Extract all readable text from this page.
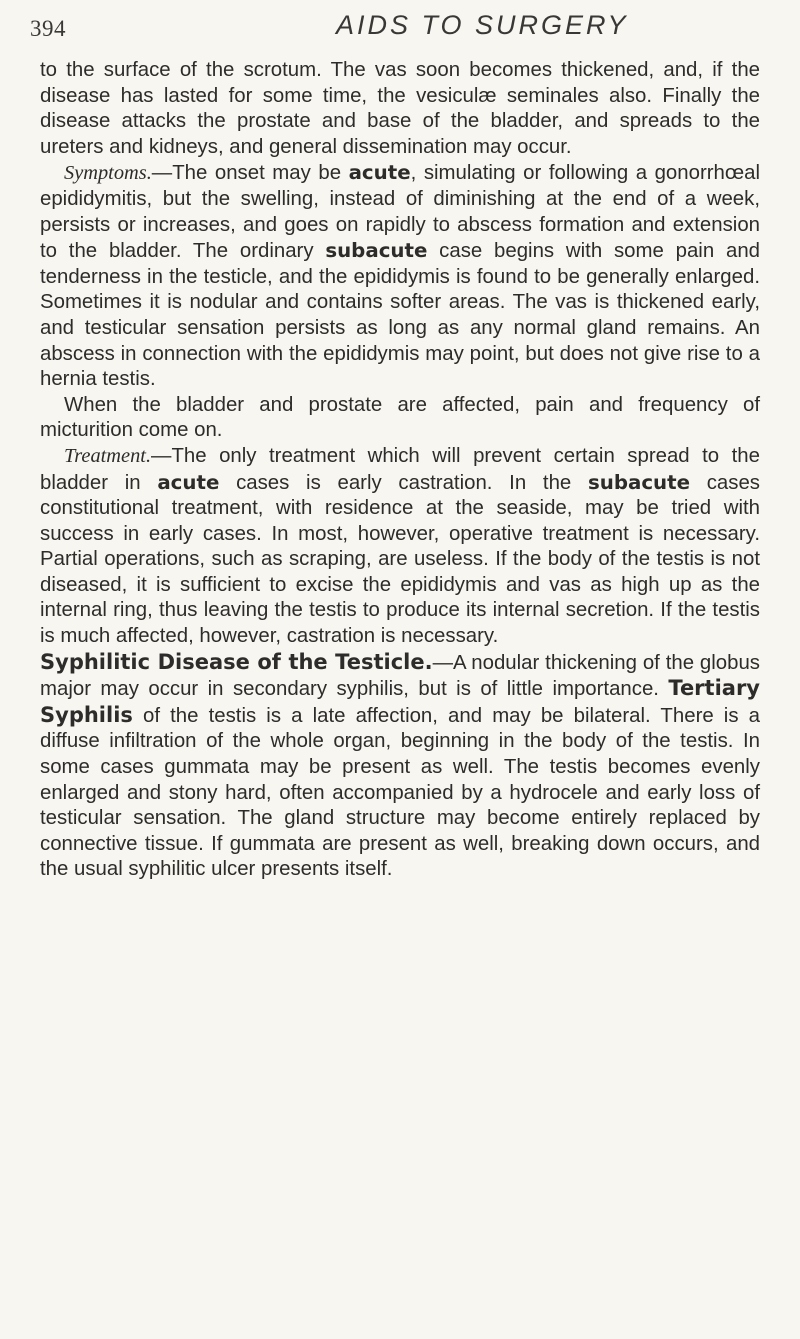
394	AIDS TO SURGERY

to the surface of the scrotum. The vas soon becomes thickened, and, if the disease has lasted for some time, the vesiculæ seminales also. Finally the disease attacks the prostate and base of the bladder, and spreads to the ureters and kidneys, and general dissemination may occur.

Symptoms.—The onset may be acute, simulating or following a gonorrhœal epididymitis, but the swelling, instead of diminishing at the end of a week, persists or increases, and goes on rapidly to abscess formation and extension to the bladder. The ordinary subacute case begins with some pain and tenderness in the testicle, and the epididymis is found to be generally enlarged. Sometimes it is nodular and contains softer areas. The vas is thickened early, and testicular sensation persists as long as any normal gland remains. An abscess in connection with the epididymis may point, but does not give rise to a hernia testis.

When the bladder and prostate are affected, pain and frequency of micturition come on.

Treatment.—The only treatment which will prevent certain spread to the bladder in acute cases is early castration. In the subacute cases constitutional treatment, with residence at the seaside, may be tried with success in early cases. In most, however, operative treatment is necessary. Partial operations, such as scraping, are useless. If the body of the testis is not diseased, it is sufficient to excise the epididymis and vas as high up as the internal ring, thus leaving the testis to produce its internal secretion. If the testis is much affected, however, castration is necessary.

Syphilitic Disease of the Testicle.—A nodular thickening of the globus major may occur in secondary syphilis, but is of little importance. Tertiary Syphilis of the testis is a late affection, and may be bilateral. There is a diffuse infiltration of the whole organ, beginning in the body of the testis. In some cases gummata may be present as well. The testis becomes evenly enlarged and stony hard, often accompanied by a hydrocele and early loss of testicular sensation. The gland structure may become entirely replaced by connective tissue. If gummata are present as well, breaking down occurs, and the usual syphilitic ulcer presents itself.
